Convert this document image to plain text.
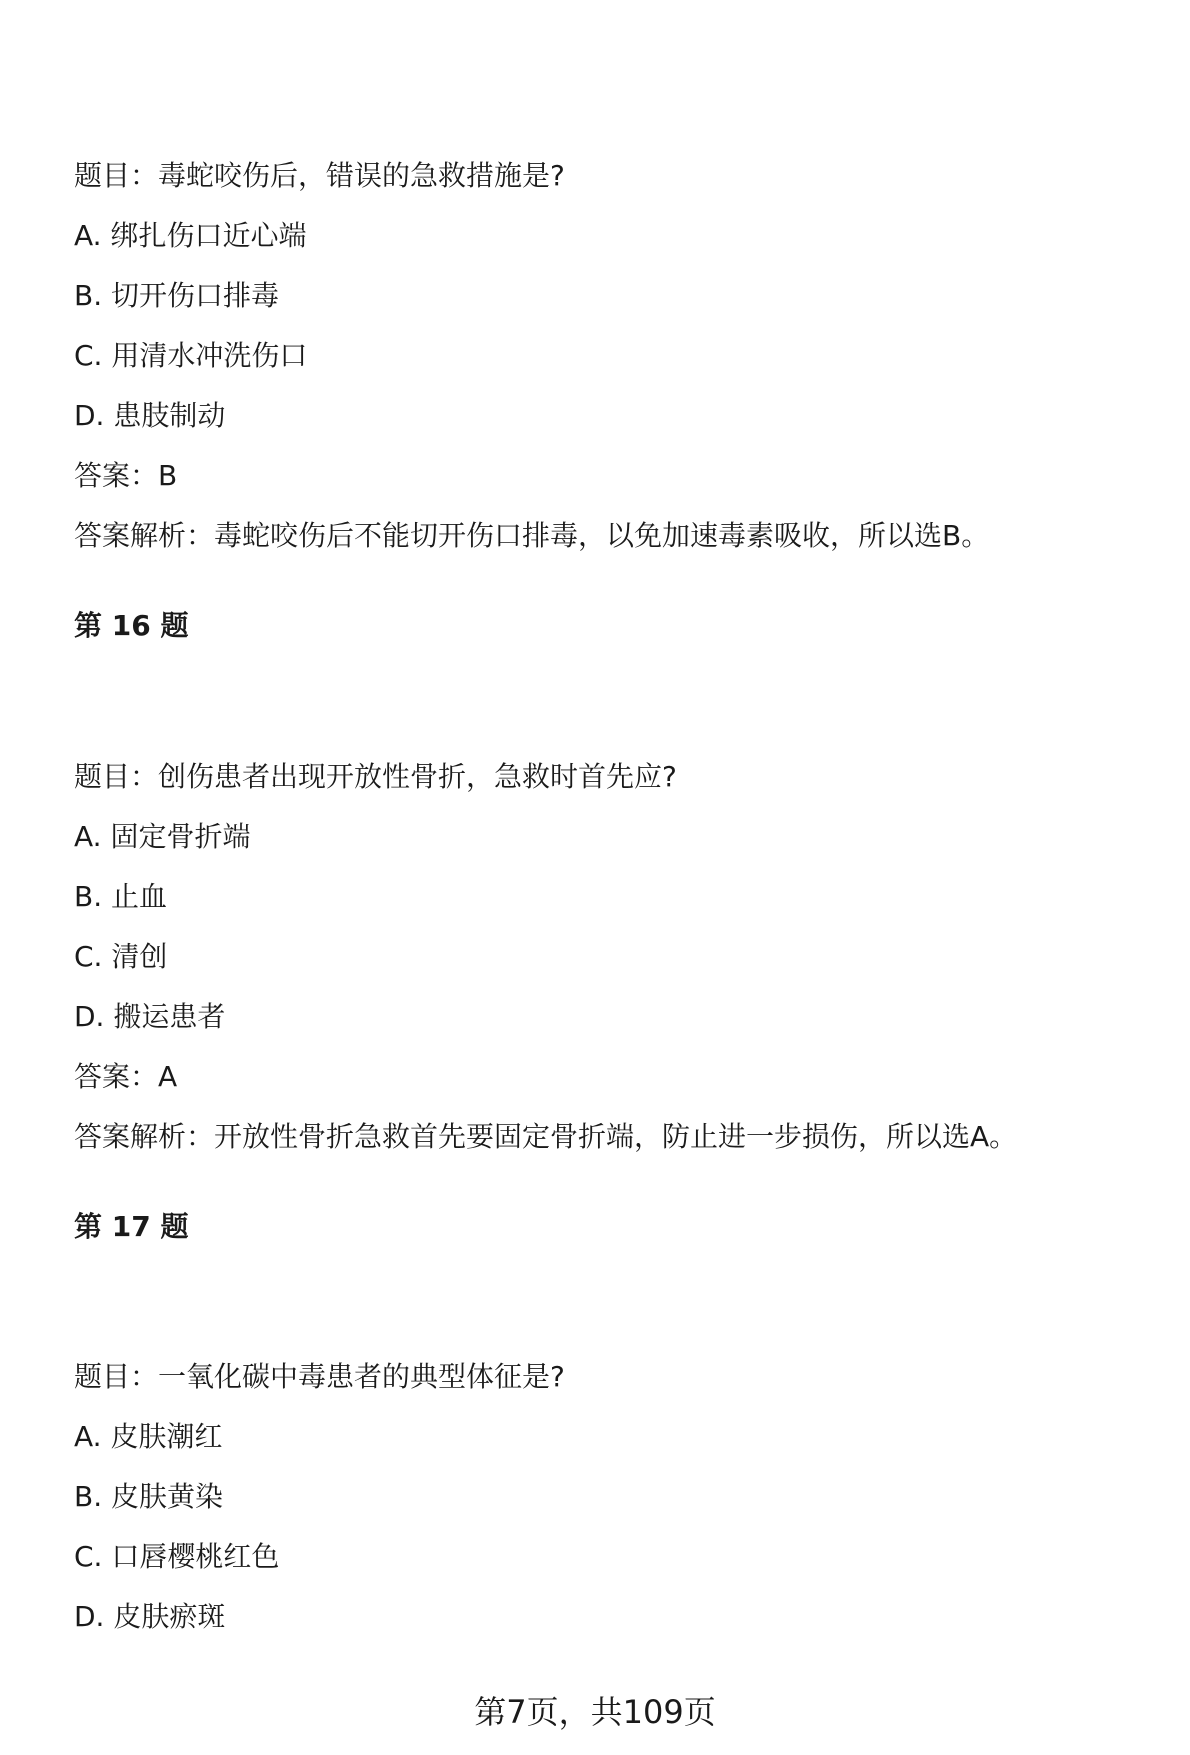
题目：毒蛇咬伤后，错误的急救措施是?
A. 绑扎伤口近心端
B. 切开伤口排毒
C. 用清水冲洗伤口
D. 患肢制动
答案：B
答案解析：毒蛇咬伤后不能切开伤口排毒，以免加速毒素吸收，所以选B。
第 16 题
题目：创伤患者出现开放性骨折，急救时首先应?
A. 固定骨折端
B. 止血
C. 清创
D. 搬运患者
答案：A
答案解析：开放性骨折急救首先要固定骨折端，防止进一步损伤，所以选A。
第 17 题
题目：一氧化碳中毒患者的典型体征是?
A. 皮肤潮红
B. 皮肤黄染
C. 口唇樱桃红色
D. 皮肤瘀斑
第7页，共109页
